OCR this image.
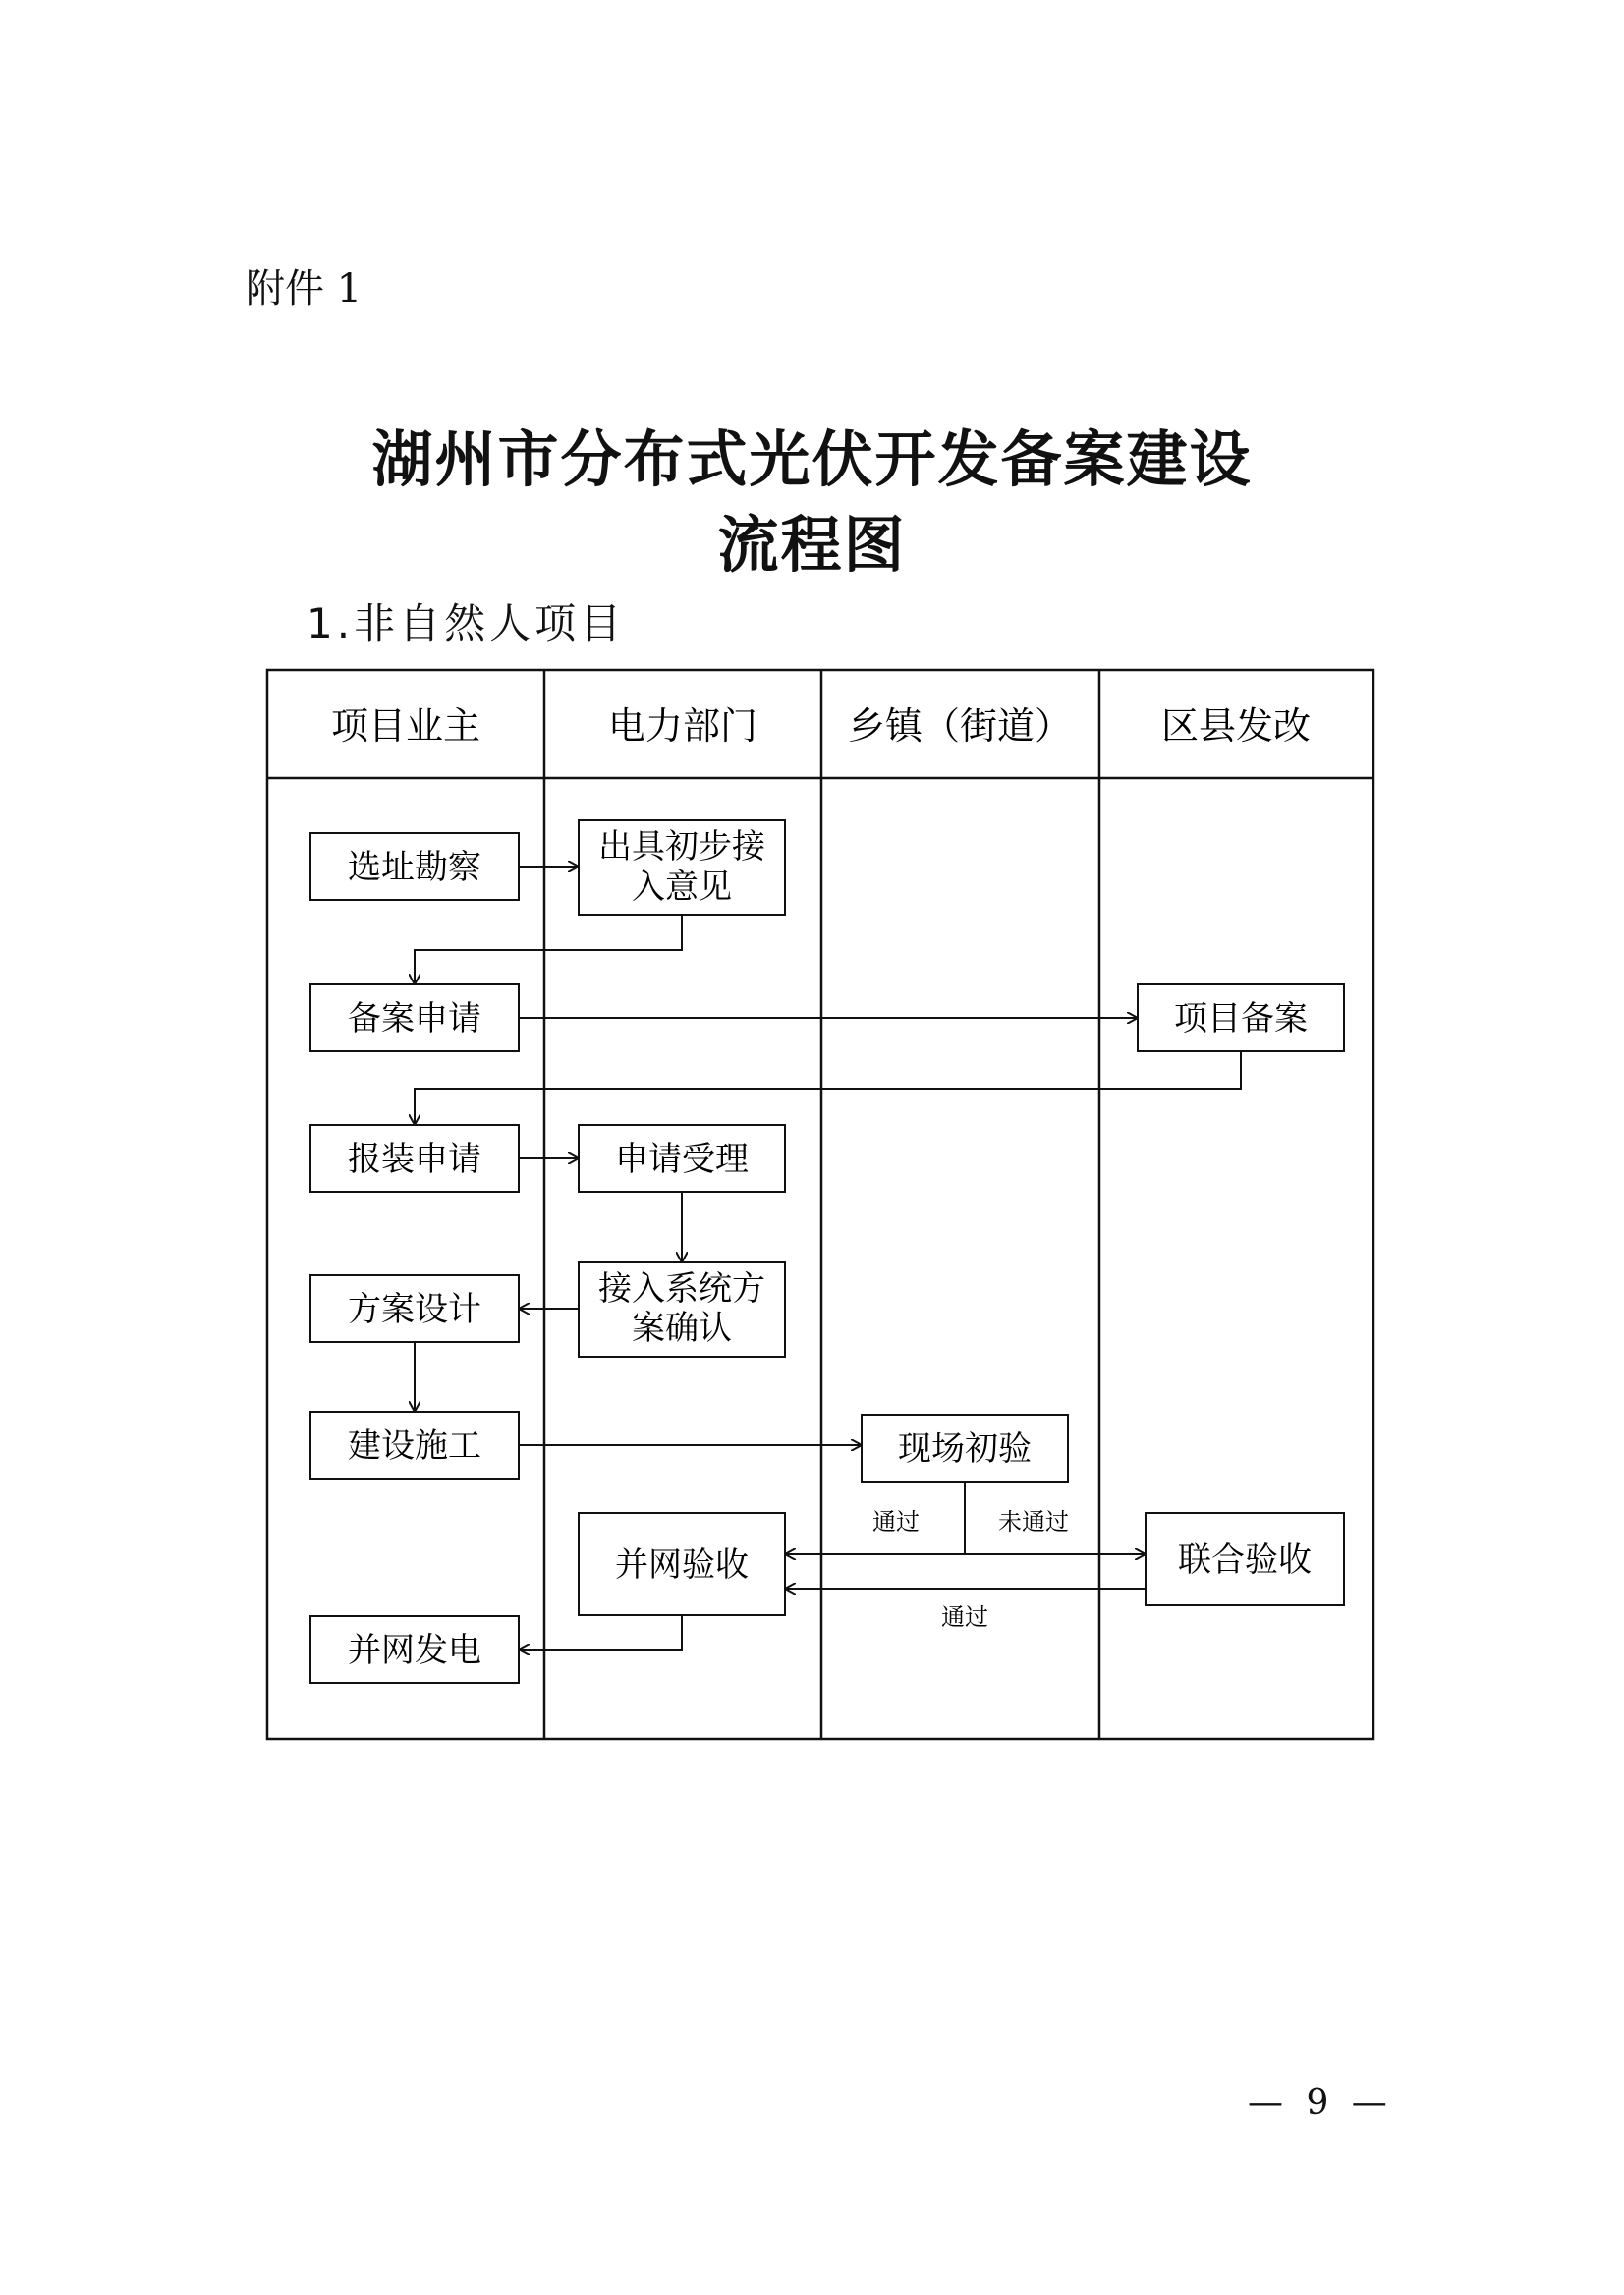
附件 1
湖州市分布式光伏开发备案建设
流程图
1.非自然人项目
项目业主	电力部门 乡镇（街道） 区县发改
选址勘察
出具初步接
入意见
备案申请	项目备案
报装申请	申请受理
方案设计
接入系统方
案确认
建设施工	现场初验
并网验收	联合验收
并网发电
通过	未通过
通过
— 9 —
